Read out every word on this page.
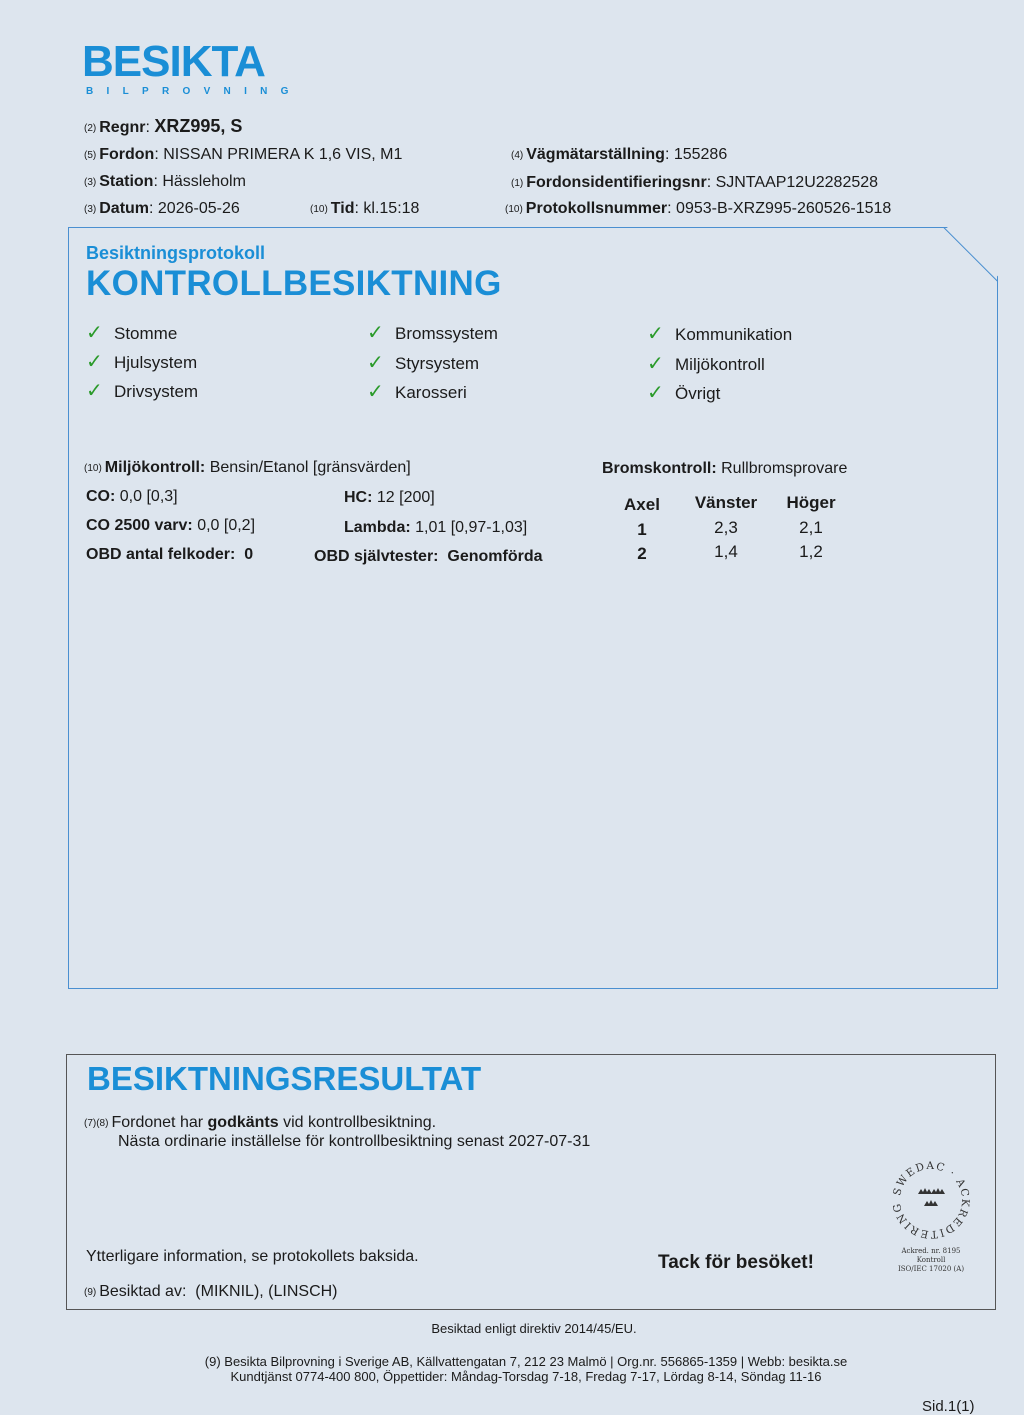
BESIKTA
BILPROVNING
(2) Regnr: XRZ995, S
(5) Fordon: NISSAN PRIMERA K 1,6 VIS, M1
(3) Station: Hässleholm
(3) Datum: 2026-05-26	(10) Tid: kl.15:18
(4) Vägmätarställning: 155286
(1) Fordonsidentifieringsnr: SJNTAAP12U2282528
(10) Protokollsnummer: 0953-B-XRZ995-260526-1518
Besiktningsprotokoll
KONTROLLBESIKTNING
✓ Stomme
✓ Hjulsystem
✓ Drivsystem
✓ Bromssystem
✓ Styrsystem
✓ Karosseri
✓ Kommunikation
✓ Miljökontroll
✓ Övrigt
(10) Miljökontroll: Bensin/Etanol [gränsvärden]
CO: 0,0 [0,3]	HC: 12 [200]
CO 2500 varv: 0,0 [0,2]	Lambda: 1,01 [0,97-1,03]
OBD antal felkoder: 0	OBD självtester: Genomförda
Bromskontroll: Rullbromsprovare
Axel	Vänster	Höger
1	2,3	2,1
2	1,4	1,2
BESIKTNINGSRESULTAT
(7)(8) Fordonet har godkänts vid kontrollbesiktning.
Nästa ordinarie inställelse för kontrollbesiktning senast 2027-07-31
Ytterligare information, se protokollets baksida.	Tack för besöket!
(9) Besiktad av: (MIKNIL), (LINSCH)
SWEDAC · ACKREDITERING
Ackred. nr. 8195
Kontroll
ISO/IEC 17020 (A)
Besiktad enligt direktiv 2014/45/EU.
(9) Besikta Bilprovning i Sverige AB, Källvattengatan 7, 212 23 Malmö | Org.nr. 556865-1359 | Webb: besikta.se
Kundtjänst 0774-400 800, Öppettider: Måndag-Torsdag 7-18, Fredag 7-17, Lördag 8-14, Söndag 11-16
Sid.1(1)
